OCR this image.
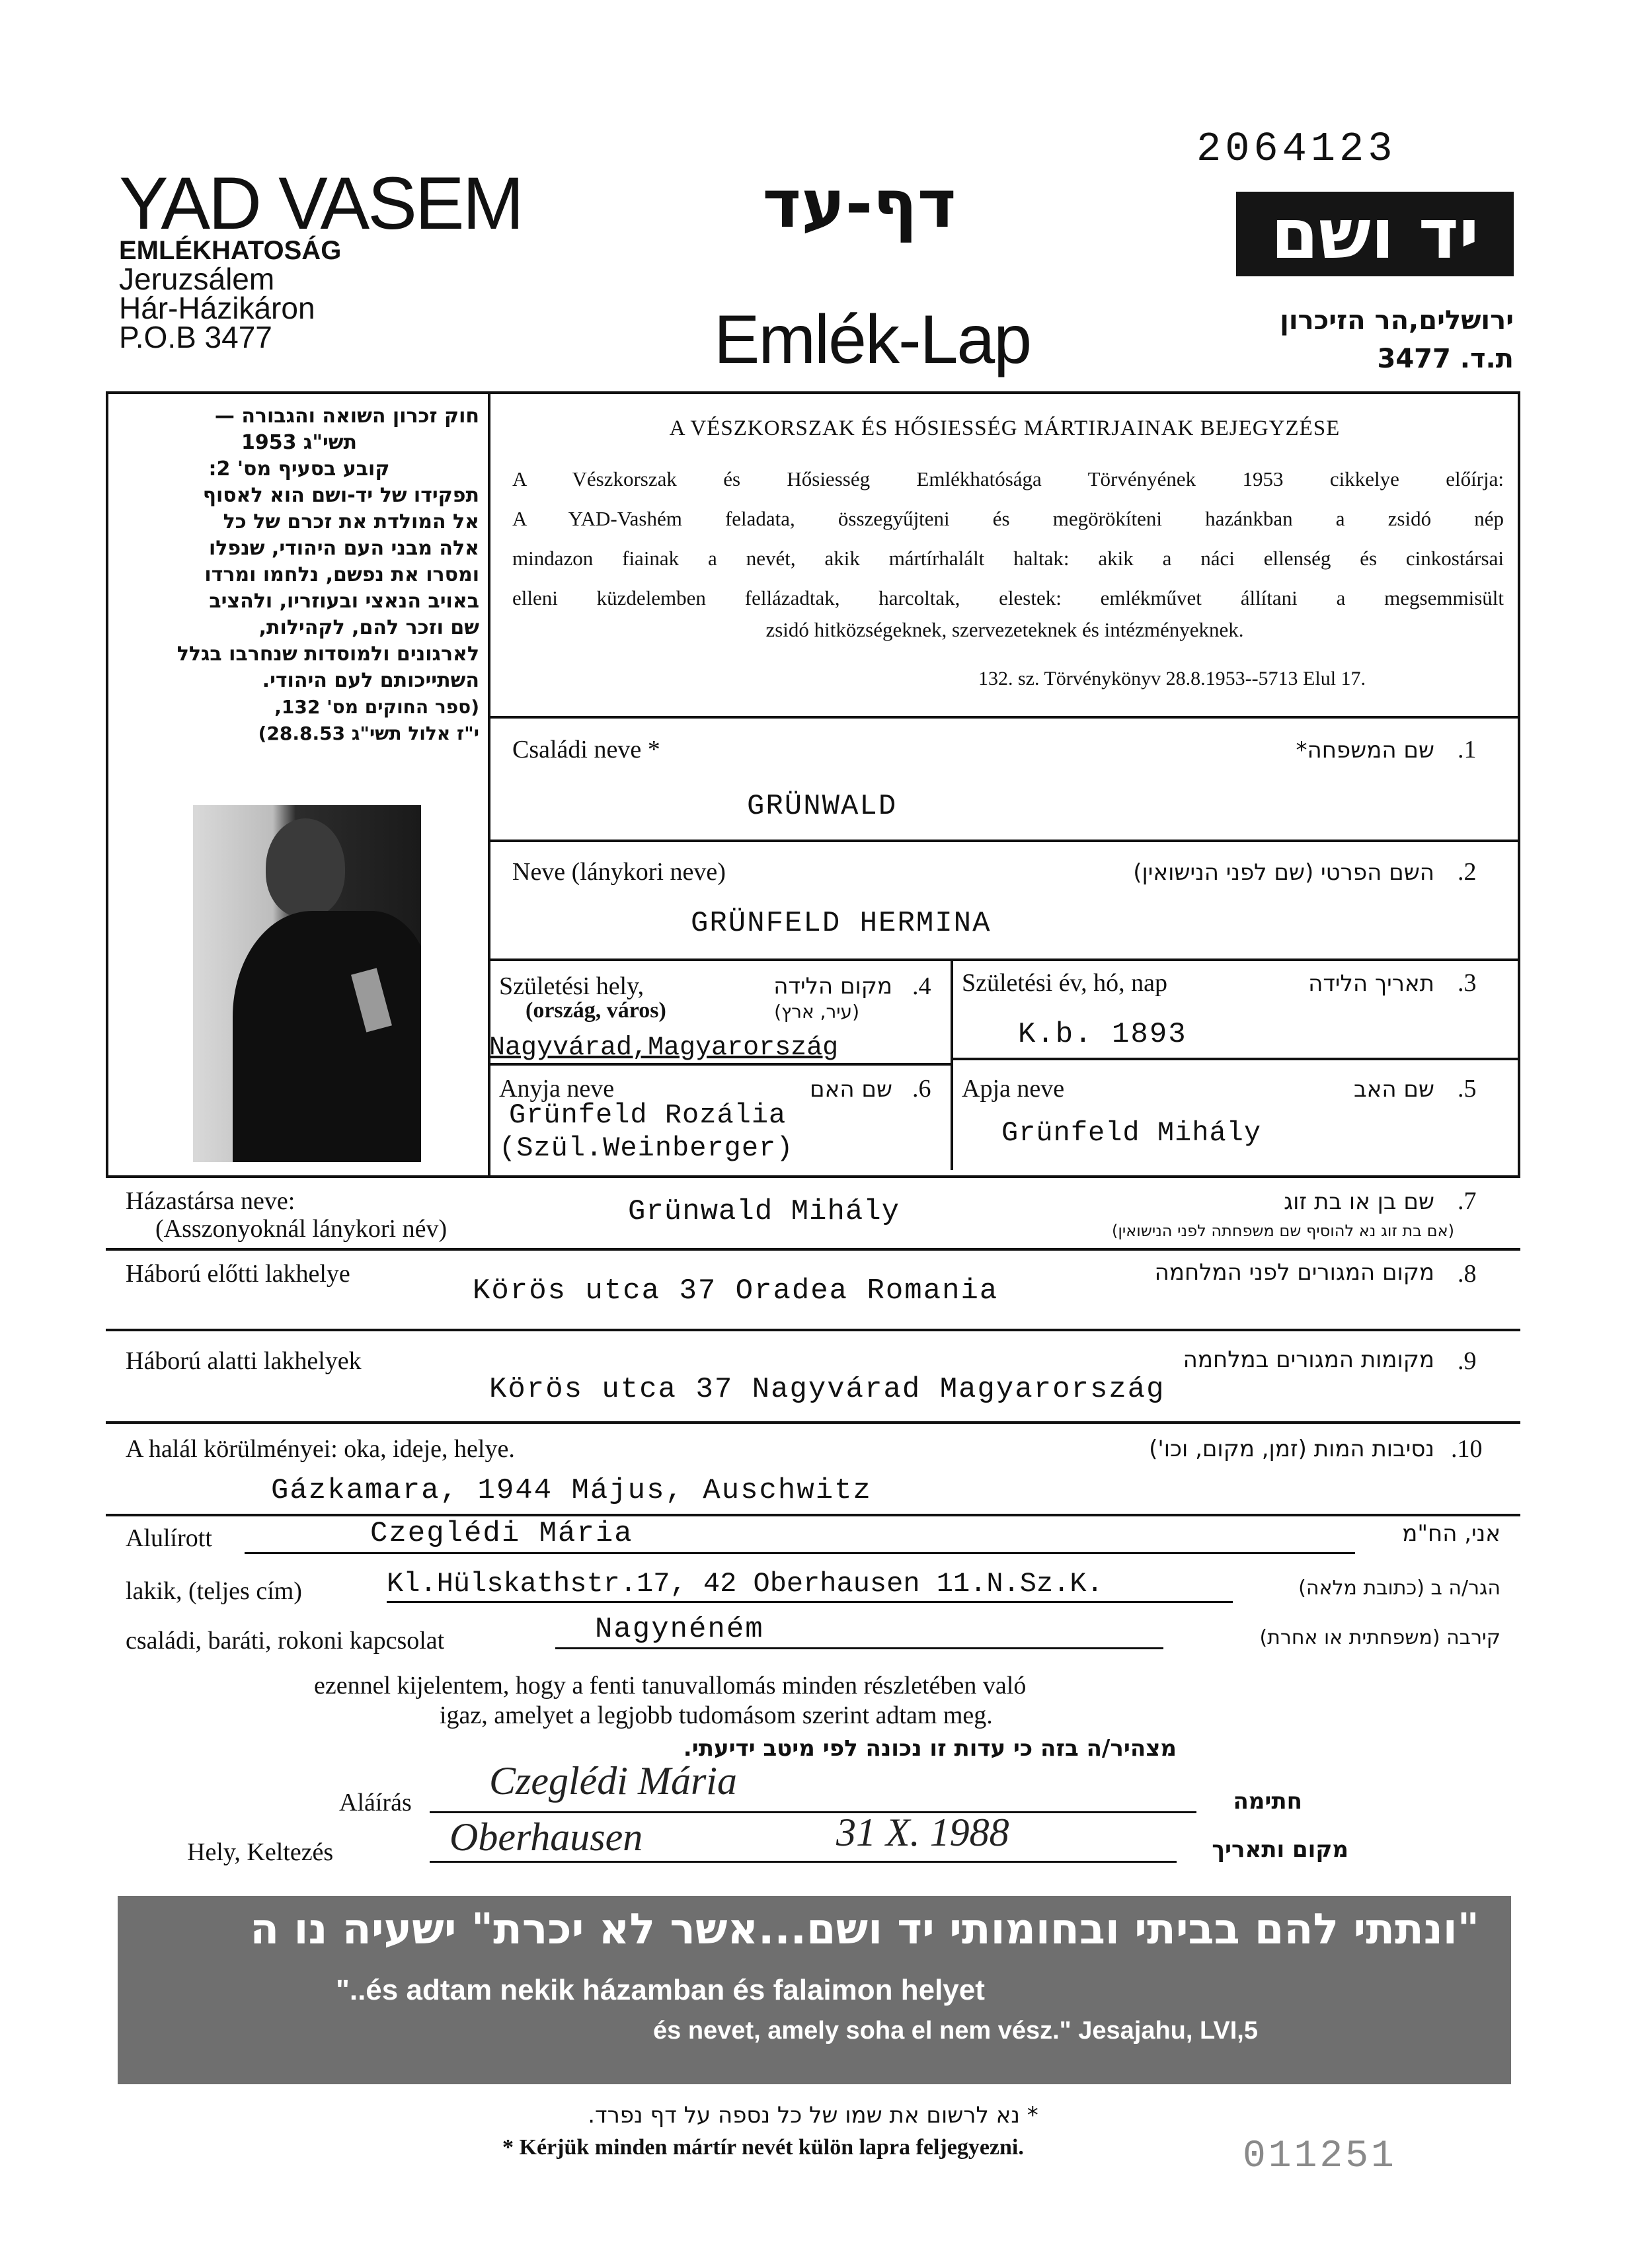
2064123
YAD VASEM
EMLÉKHATOSÁG
Jeruzsálem
Hár-Házikáron
P.O.B 3477
דף-עד
Emlék-Lap
יד ושם
ירושלים,הר הזיכרון
ת.ד. 3477
חוק זכרון השואה והגבורה —
תשי"ג 1953
קובע בסעיף מס' 2:
תפקידו של יד-ושם הוא לאסוף
אל המולדת את זכרם של כל
אלה מבני העם היהודי, שנפלו
ומסרו את נפשם, נלחמו ומרדו
באויב הנאצי ובעוזריו, ולהציב
שם וזכר להם, לקהילות,
לארגונים ולמוסדות שנחרבו בגלל
השתייכותם לעם היהודי.
(ספר החוקים מס' 132,
י"ז אלול תשי"ג 28.8.53)
A VÉSZKORSZAK ÉS HŐSIESSÉG MÁRTIRJAINAK BEJEGYZÉSE
A Vészkorszak és Hősiesség Emlékhatósága Törvényének 1953 cikkelye előírja:
A YAD-Vashém feladata, összegyűjteni és megörökíteni hazánkban a zsidó nép
mindazon fiainak a nevét, akik mártírhalált haltak: akik a náci ellenség és cinkostársai
elleni küzdelemben fellázadtak, harcoltak, elestek: emlékművet állítani a megsemmisült
zsidó hitközségeknek, szervezeteknek és intézményeknek.
132. sz. Törvénykönyv 28.8.1953--5713 Elul 17.
Családi neve *	שם המשפחה* .1
GRÜNWALD
Neve (lánykori neve)	השם הפרטי (שם לפני הנישואין) .2
GRÜNFELD HERMINA
Születési hely,
(ország, város)
מקום הלידה
(עיר, ארץ)
.4
Nagyvárad,Magyarország
Születési év, hó, nap	תאריך הלידה .3
K.b. 1893
Anyja neve	שם האם .6
Grünfeld Rozália
(Szül.Weinberger)
Apja neve	שם האב .5
Grünfeld Mihály
Házastársa neve:
(Asszonyoknál lánykori név)
Grünwald Mihály	שם בן או בת זוג
(אם בת זוג נא להוסיף שם משפחתה לפני הנישואין)
.7
Háború előtti lakhelye	מקום המגורים לפני המלחמה .8
Körös utca 37 Oradea Romania
Háború alatti lakhelyek	מקומות המגורים במלחמה .9
Körös utca 37 Nagyvárad Magyarország
A halál körülményei: oka, ideje, helye.	נסיבות המות (זמן, מקום, וכו') .10
Gázkamara, 1944 Május, Auschwitz
Alulírott	Czeglédi Mária	אני, הח"מ
lakik, (teljes cím)	Kl.Hülskathstr.17, 42 Oberhausen 11.N.Sz.K.	הגר/ה ב (כתובת מלאה)
családi, baráti, rokoni kapcsolat	Nagynéném	קירבה (משפחתית או אחרת)
ezennel kijelentem, hogy a fenti tanuvallomás minden részletében való
igaz, amelyet a legjobb tudomásom szerint adtam meg.
מצהיר/ה בזה כי עדות זו נכונה לפי מיטב ידיעתי.
Aláírás Czeglédi Mária	חתימה
Hely, Keltezés	Oberhausen	31 X. 1988	מקום ותאריך
"ונתתי להם בביתי ובחומותי יד ושם...אשר לא יכרת" ישעיה נו ה
"..és adtam nekik házamban és falaimon helyet
és nevet, amely soha el nem vész." Jesajahu, LVI,5
* נא לרשום את שמו של כל נספה על דף נפרד.
* Kérjük minden mártír nevét külön lapra feljegyezni.	011251
